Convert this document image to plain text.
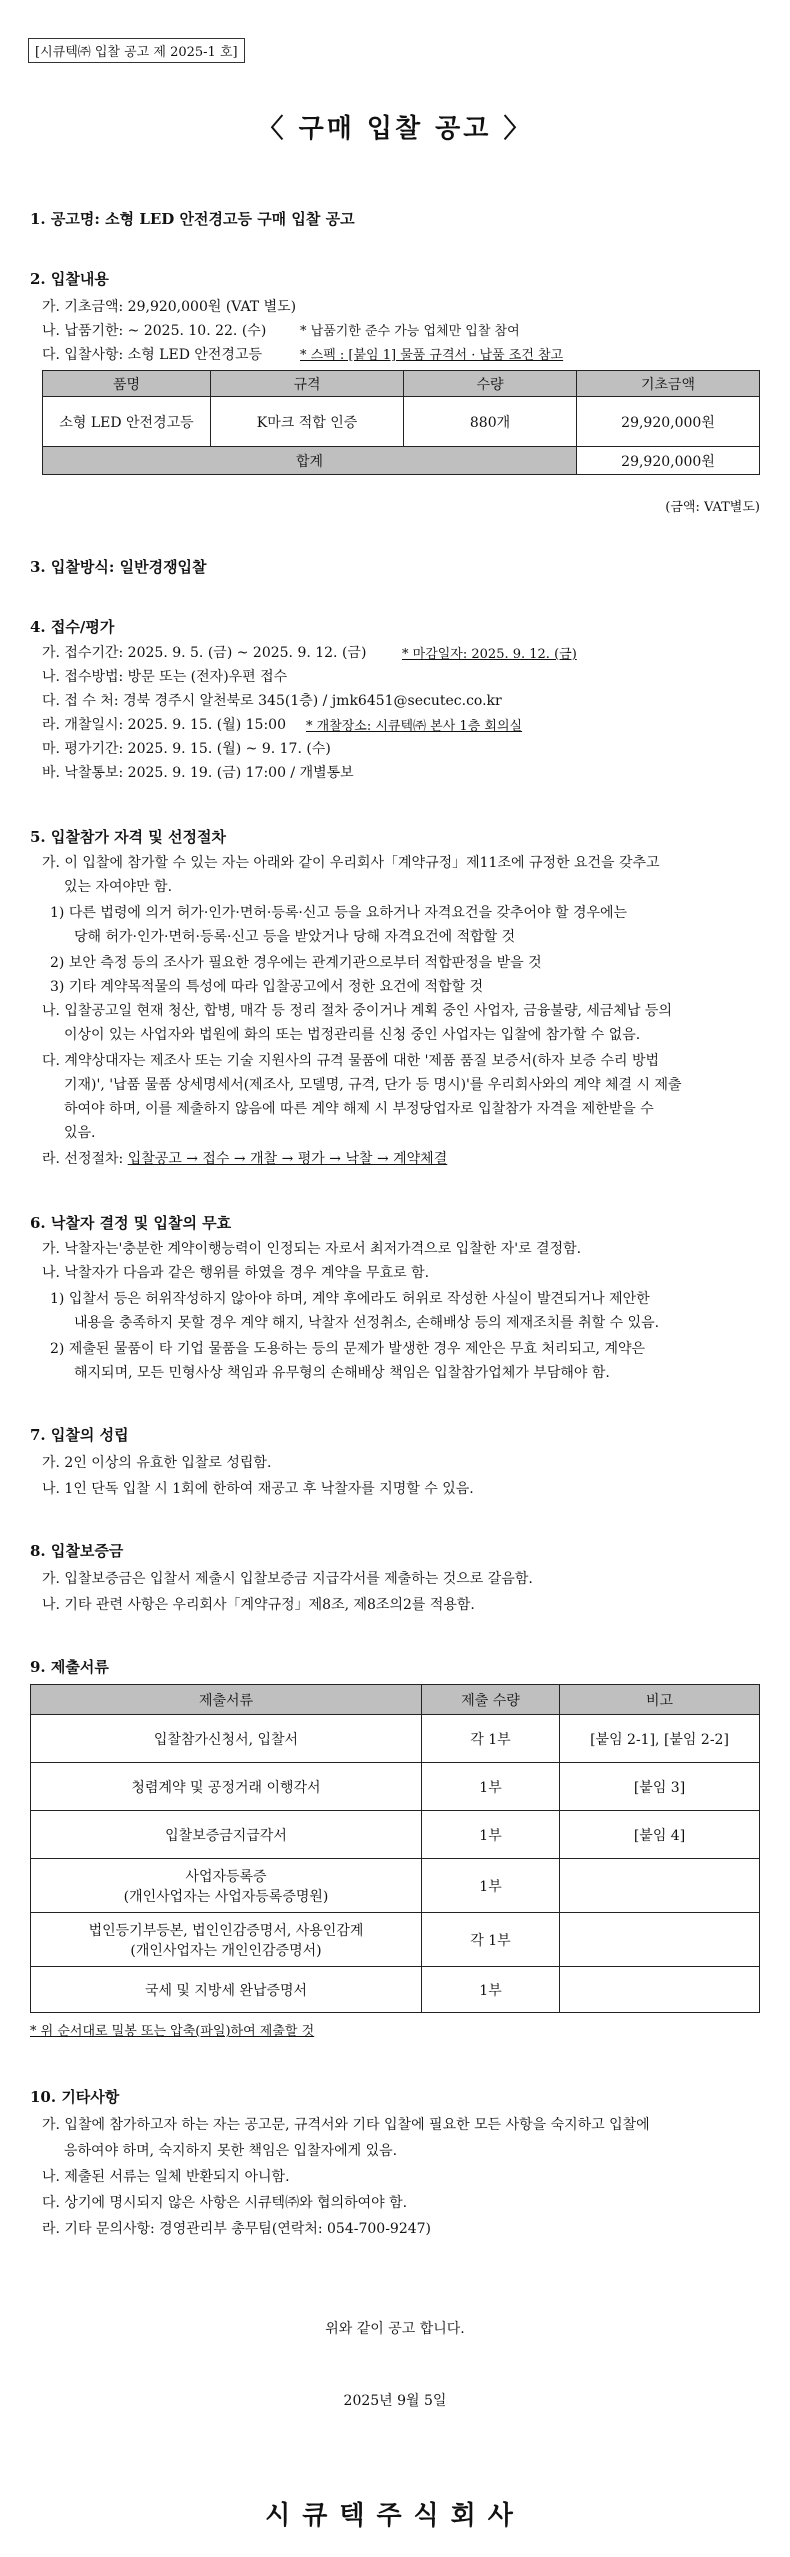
[시큐텍㈜ 입찰 공고 제 2025-1 호]
〈 구매 입찰 공고 〉
1. 공고명: 소형 LED 안전경고등 구매 입찰 공고
2. 입찰내용
가. 기초금액: 29,920,000원 (VAT 별도)
나. 납품기한: ~ 2025. 10. 22. (수)	* 납품기한 준수 가능 업체만 입찰 참여
다. 입찰사항: 소형 LED 안전경고등	* 스펙 : [붙임 1] 물품 규격서 · 납품 조건 참고
품명	규격	수량	기초금액
소형 LED 안전경고등	K마크 적합 인증	880개	29,920,000원
합계			29,920,000원
(금액: VAT별도)
3. 입찰방식: 일반경쟁입찰
4. 접수/평가
가. 접수기간: 2025. 9. 5. (금) ~ 2025. 9. 12. (금)	* 마감일자: 2025. 9. 12. (금)
나. 접수방법: 방문 또는 (전자)우편 접수
다. 접 수 처: 경북 경주시 알천북로 345(1층) / jmk6451@secutec.co.kr
라. 개찰일시: 2025. 9. 15. (월) 15:00 * 개찰장소: 시큐텍㈜ 본사 1층 회의실
마. 평가기간: 2025. 9. 15. (월) ~ 9. 17. (수)
바. 낙찰통보: 2025. 9. 19. (금) 17:00 / 개별통보
5. 입찰참가 자격 및 선정절차
가. 이 입찰에 참가할 수 있는 자는 아래와 같이 우리회사「계약규정」제11조에 규정한 요건을 갖추고
있는 자여야만 함.
1) 다른 법령에 의거 허가·인가·면허·등록·신고 등을 요하거나 자격요건을 갖추어야 할 경우에는
당해 허가·인가·면허·등록·신고 등을 받았거나 당해 자격요건에 적합할 것
2) 보안 측정 등의 조사가 필요한 경우에는 관계기관으로부터 적합판정을 받을 것
3) 기타 계약목적물의 특성에 따라 입찰공고에서 정한 요건에 적합할 것
나. 입찰공고일 현재 청산, 합병, 매각 등 정리 절차 중이거나 계획 중인 사업자, 금융불량, 세금체납 등의
이상이 있는 사업자와 법원에 화의 또는 법정관리를 신청 중인 사업자는 입찰에 참가할 수 없음.
다. 계약상대자는 제조사 또는 기술 지원사의 규격 물품에 대한 '제품 품질 보증서(하자 보증 수리 방법
기재)', '납품 물품 상세명세서(제조사, 모델명, 규격, 단가 등 명시)'를 우리회사와의 계약 체결 시 제출
하여야 하며, 이를 제출하지 않음에 따른 계약 해제 시 부정당업자로 입찰참가 자격을 제한받을 수
있음.
라. 선정절차: 입찰공고 → 접수 → 개찰 → 평가 → 낙찰 → 계약체결
6. 낙찰자 결정 및 입찰의 무효
가. 낙찰자는'충분한 계약이행능력이 인정되는 자로서 최저가격으로 입찰한 자'로 결정함.
나. 낙찰자가 다음과 같은 행위를 하였을 경우 계약을 무효로 함.
1) 입찰서 등은 허위작성하지 않아야 하며, 계약 후에라도 허위로 작성한 사실이 발견되거나 제안한
내용을 충족하지 못할 경우 계약 해지, 낙찰자 선정취소, 손해배상 등의 제재조치를 취할 수 있음.
2) 제출된 물품이 타 기업 물품을 도용하는 등의 문제가 발생한 경우 제안은 무효 처리되고, 계약은
해지되며, 모든 민형사상 책임과 유무형의 손해배상 책임은 입찰참가업체가 부담해야 함.
7. 입찰의 성립
가. 2인 이상의 유효한 입찰로 성립함.
나. 1인 단독 입찰 시 1회에 한하여 재공고 후 낙찰자를 지명할 수 있음.
8. 입찰보증금
가. 입찰보증금은 입찰서 제출시 입찰보증금 지급각서를 제출하는 것으로 갈음함.
나. 기타 관련 사항은 우리회사「계약규정」제8조, 제8조의2를 적용함.
9. 제출서류
제출서류	제출 수량	비고

입찰참가신청서, 입찰서	각 1부	[붙임 2-1], [붙임 2-2]

청렴계약 및 공정거래 이행각서	1부	[붙임 3]

입찰보증금지급각서	1부	[붙임 4]

사업자등록증
(개인사업자는 사업자등록증명원)	1부	

법인등기부등본, 법인인감증명서, 사용인감계
(개인사업자는 개인인감증명서)	각 1부	

국세 및 지방세 완납증명서	1부	
* 위 순서대로 밀봉 또는 압축(파일)하여 제출할 것
10. 기타사항
가. 입찰에 참가하고자 하는 자는 공고문, 규격서와 기타 입찰에 필요한 모든 사항을 숙지하고 입찰에
응하여야 하며, 숙지하지 못한 책임은 입찰자에게 있음.
나. 제출된 서류는 일체 반환되지 아니함.
다. 상기에 명시되지 않은 사항은 시큐텍㈜와 협의하여야 함.
라. 기타 문의사항: 경영관리부 총무팀(연락처: 054-700-9247)
위와 같이 공고 합니다.
2025년 9월 5일
시큐텍주식회사
